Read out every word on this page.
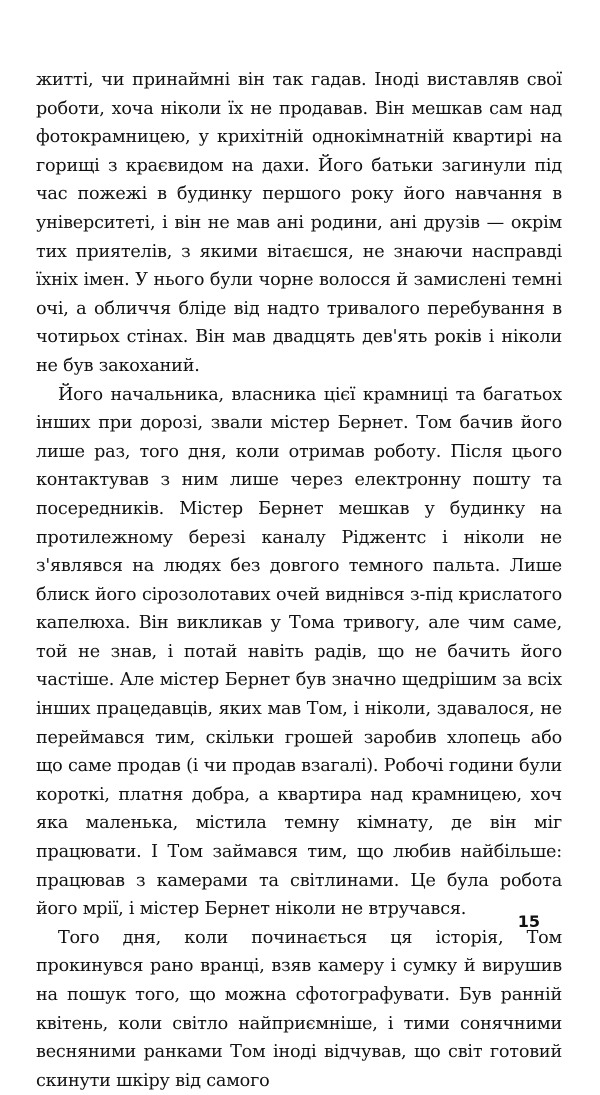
житті, чи принаймні він так гадав. Іноді виставляв свої роботи, хоча ніколи їх не продавав. Він мешкав сам над фотокрамницею, у крихітній однокімнатній квартирі на горищі з краєвидом на дахи. Його батьки загинули під час пожежі в будинку першого року його навчання в університеті, і він не мав ані родини, ані друзів — окрім тих приятелів, з якими вітаєшся, не знаючи насправді їхніх імен. У нього були чорне волосся й замислені темні очі, а обличчя бліде від надто тривалого перебування в чотирьох стінах. Він мав двадцять дев'ять років і ніколи не був закоханий.

Його начальника, власника цієї крамниці та багатьох інших при дорозі, звали містер Бернет. Том бачив його лише раз, того дня, коли отримав роботу. Після цього контактував з ним лише через електронну пошту та посередників. Містер Бернет мешкав у будинку на протилежному березі каналу Ріджентс і ніколи не з'являвся на людях без довгого темного пальта. Лише блиск його сірозолотавих очей виднівся з-під крислатого капелюха. Він викликав у Тома тривогу, але чим саме, той не знав, і потай навіть радів, що не бачить його частіше. Але містер Бернет був значно щедрішим за всіх інших працедавців, яких мав Том, і ніколи, здавалося, не переймався тим, скільки грошей заробив хлопець або що саме продав (і чи продав взагалі). Робочі години були короткі, платня добра, а квартира над крамницею, хоч яка маленька, містила темну кімнату, де він міг працювати. І Том займався тим, що любив найбільше: працював з камерами та світлинами. Це була робота його мрії, і містер Бернет ніколи не втручався.

Того дня, коли починається ця історія, Том прокинувся рано вранці, взяв камеру і сумку й вирушив на пошук того, що можна сфотографувати. Був ранній квітень, коли світло найприємніше, і тими сонячними весняними ранками Том іноді відчував, що світ готовий скинути шкіру від самого

15
